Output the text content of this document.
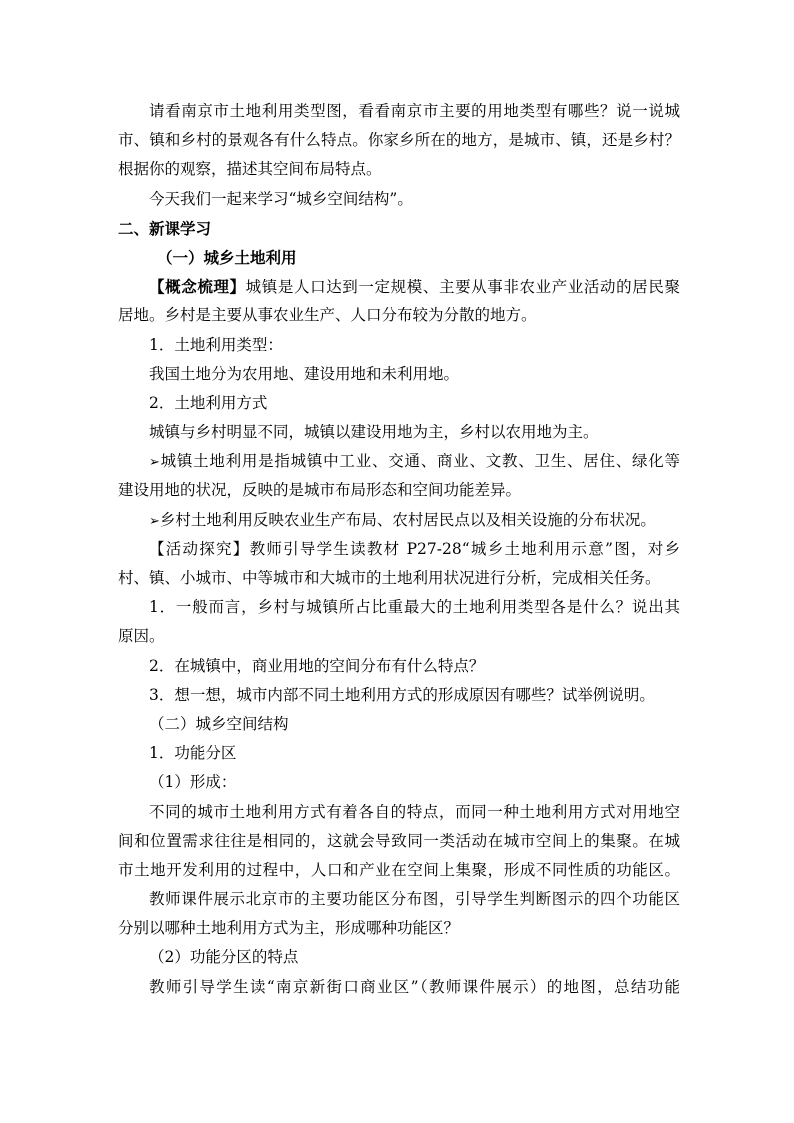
请看南京市土地利用类型图，看看南京市主要的用地类型有哪些？说一说城
市、镇和乡村的景观各有什么特点。你家乡所在的地方，是城市、镇，还是乡村？
根据你的观察，描述其空间布局特点。
今天我们一起来学习“城乡空间结构”。
二、新课学习
（一）城乡土地利用
【概念梳理】城镇是人口达到一定规模、主要从事非农业产业活动的居民聚
居地。乡村是主要从事农业生产、人口分布较为分散的地方。
1．土地利用类型：
我国土地分为农用地、建设用地和未利用地。
2．土地利用方式
城镇与乡村明显不同，城镇以建设用地为主，乡村以农用地为主。
➢城镇土地利用是指城镇中工业、交通、商业、文教、卫生、居住、绿化等
建设用地的状况，反映的是城市布局形态和空间功能差异。
➢乡村土地利用反映农业生产布局、农村居民点以及相关设施的分布状况。
【活动探究】教师引导学生读教材 P27-28“城乡土地利用示意”图，对乡
村、镇、小城市、中等城市和大城市的土地利用状况进行分析，完成相关任务。
1．一般而言，乡村与城镇所占比重最大的土地利用类型各是什么？说出其
原因。
2．在城镇中，商业用地的空间分布有什么特点？
3．想一想，城市内部不同土地利用方式的形成原因有哪些？试举例说明。
（二）城乡空间结构
1．功能分区
（1）形成：
不同的城市土地利用方式有着各自的特点，而同一种土地利用方式对用地空
间和位置需求往往是相同的，这就会导致同一类活动在城市空间上的集聚。在城
市土地开发利用的过程中，人口和产业在空间上集聚，形成不同性质的功能区。
教师课件展示北京市的主要功能区分布图，引导学生判断图示的四个功能区
分别以哪种土地利用方式为主，形成哪种功能区？
（2）功能分区的特点
教师引导学生读“南京新街口商业区”（教师课件展示）的地图，总结功能
